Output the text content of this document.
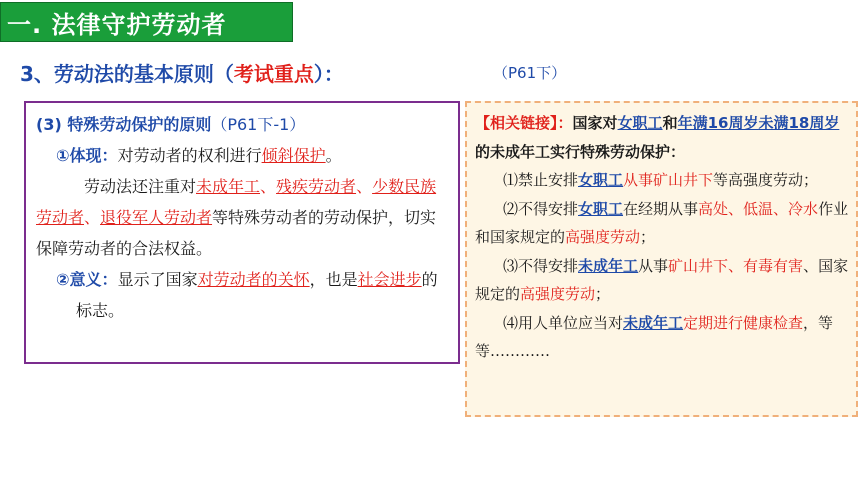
一. 法律守护劳动者
3、劳动法的基本原则（考试重点）：	（P61下）

(3) 特殊劳动保护的原则（P61下-1）

①体现：对劳动者的权利进行倾斜保护。

劳动法还注重对未成年工、残疾劳动者、少数民族劳动者、退役军人劳动者等特殊劳动者的劳动保护，切实保障劳动者的合法权益。

②意义：显示了国家对劳动者的关怀，也是社会进步的标志。

【相关链接】：国家对女职工和年满16周岁未满18周岁的未成年工实行特殊劳动保护：

⑴禁止安排女职工从事矿山井下等高强度劳动；

⑵不得安排女职工在经期从事高处、低温、冷水作业和国家规定的高强度劳动；

⑶不得安排未成年工从事矿山井下、有毒有害、国家规定的高强度劳动；

⑷用人单位应当对未成年工定期进行健康检查，等等…………
